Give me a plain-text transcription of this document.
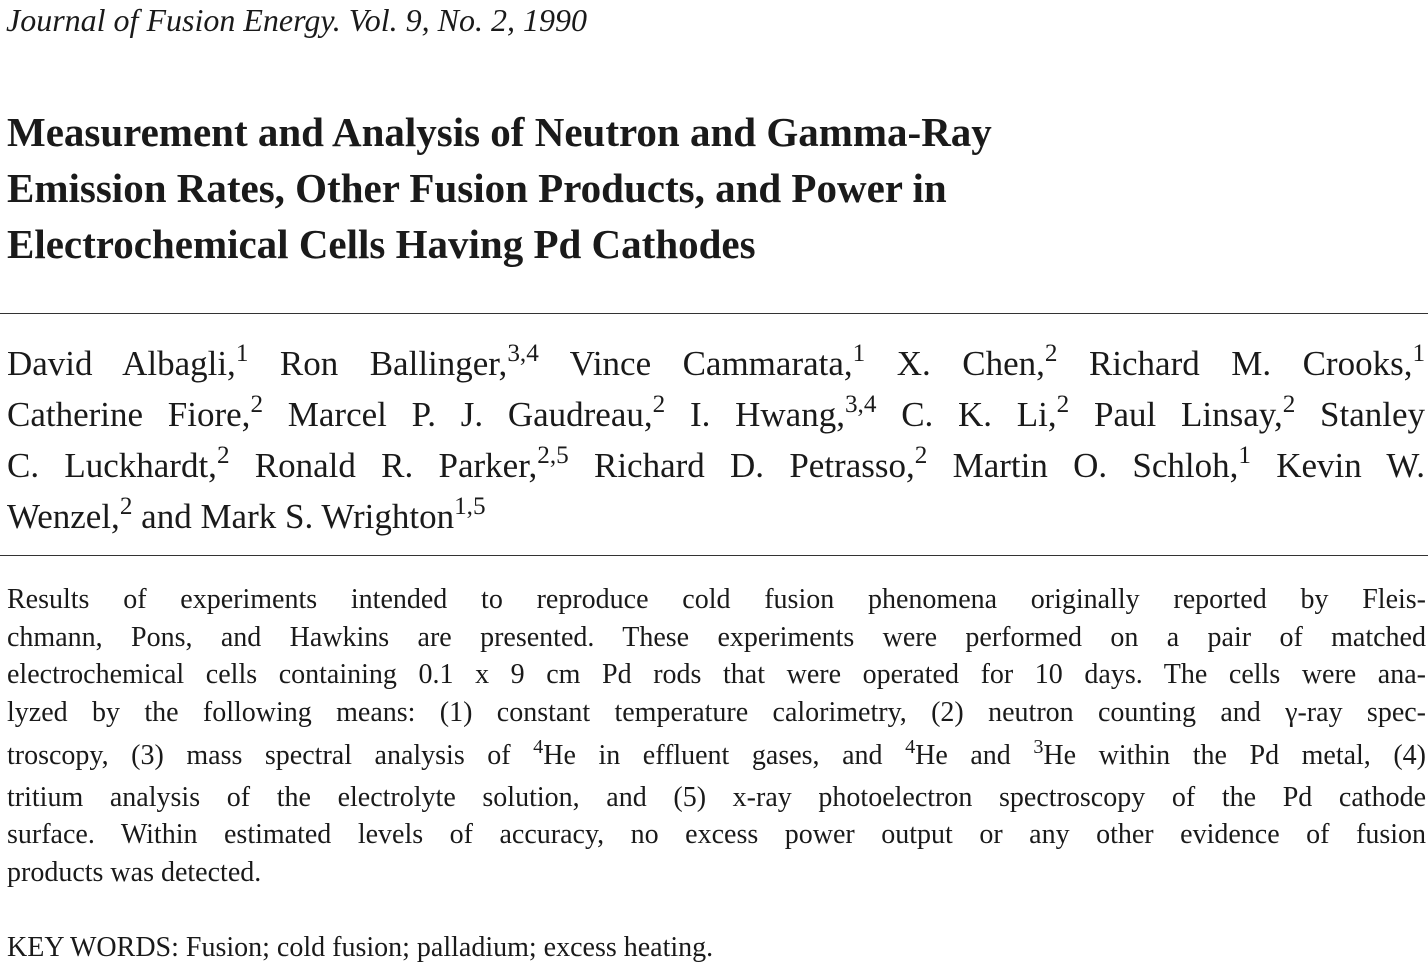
Journal of Fusion Energy. Vol. 9, No. 2, 1990
Measurement and Analysis of Neutron and Gamma-Ray
Emission Rates, Other Fusion Products, and Power in
Electrochemical Cells Having Pd Cathodes
David Albagli,$^1$ Ron Ballinger,$^{3,4}$ Vince Cammarata,$^1$ X. Chen,$^2$ Richard M. Crooks,$^1$
Catherine Fiore,$^2$ Marcel P. J. Gaudreau,$^2$ I. Hwang,$^{3,4}$ C. K. Li,$^2$ Paul Linsay,$^2$ Stanley
C. Luckhardt,$^2$ Ronald R. Parker,$^{2,5}$ Richard D. Petrasso,$^2$ Martin O. Schloh,$^1$ Kevin W.
Wenzel,$^2$ and Mark S. Wrighton$^{1,5}$
Results of experiments intended to reproduce cold fusion phenomena originally reported by Fleis-
chmann, Pons, and Hawkins are presented. These experiments were performed on a pair of matched
electrochemical cells containing 0.1 x 9 cm Pd rods that were operated for 10 days. The cells were ana-
lyzed by the following means: (1) constant temperature calorimetry, (2) neutron counting and γ-ray spec-
troscopy, (3) mass spectral analysis of $^4$He in effluent gases, and $^4$He and $^3$He within the Pd metal, (4)
tritium analysis of the electrolyte solution, and (5) x-ray photoelectron spectroscopy of the Pd cathode
surface. Within estimated levels of accuracy, no excess power output or any other evidence of fusion
products was detected.
KEY WORDS: Fusion; cold fusion; palladium; excess heating.
